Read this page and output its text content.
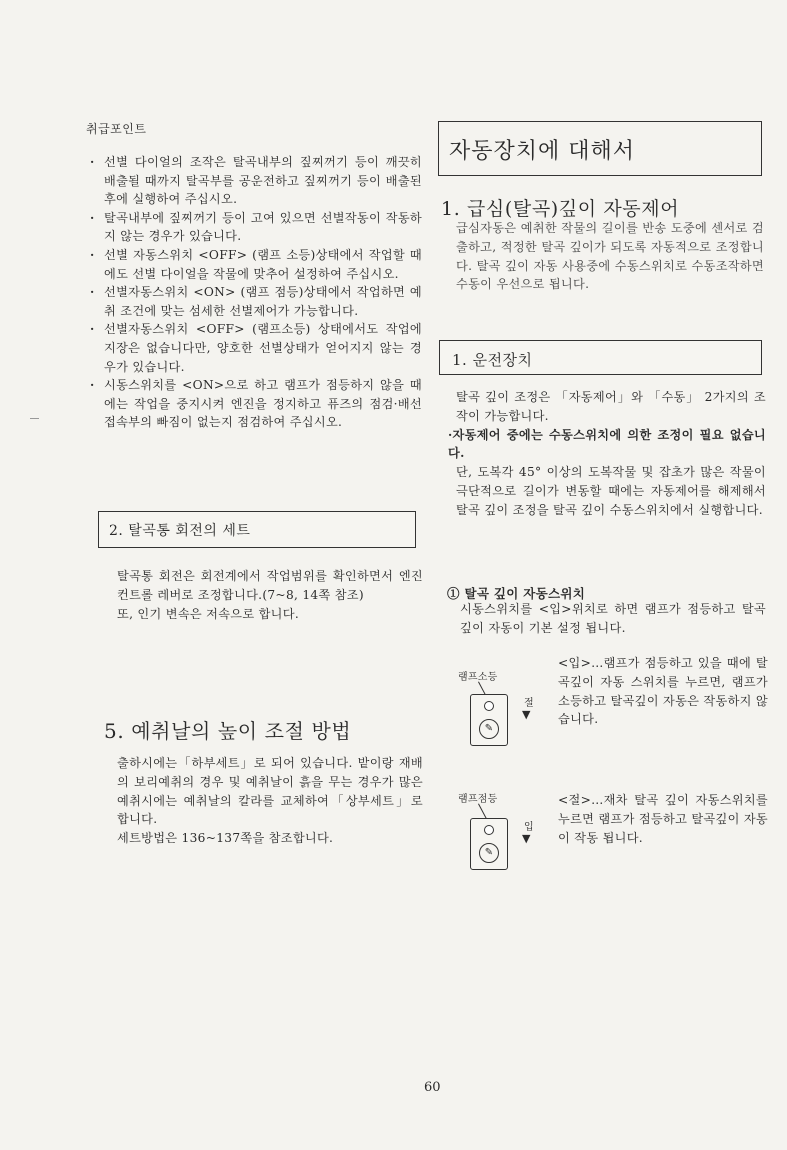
취급포인트
· 선별 다이얼의 조작은 탈곡내부의 짚찌꺼기 등이 깨끗히 배출될 때까지 탈곡부를 공운전하고 짚찌꺼기 등이 배출된 후에 실행하여 주십시오.
· 탈곡내부에 짚찌꺼기 등이 고여 있으면 선별작동이 작동하지 않는 경우가 있습니다.
· 선별 자동스위치 <OFF> (램프 소등)상태에서 작업할 때에도 선별 다이얼을 작물에 맞추어 설정하여 주십시오.
· 선별자동스위치 <ON> (램프 점등)상태에서 작업하면 예취 조건에 맞는 섬세한 선별제어가 가능합니다.
· 선별자동스위치 <OFF> (램프소등) 상태에서도 작업에 지장은 없습니다만, 양호한 선별상태가 얻어지지 않는 경우가 있습니다.
· 시동스위치를 <ON>으로 하고 램프가 점등하지 않을 때에는 작업을 중지시켜 엔진을 정지하고 퓨즈의 점검·배선 접속부의 빠짐이 없는지 점검하여 주십시오.
2. 탈곡통 회전의 세트

탈곡통 회전은 회전계에서 작업범위를 확인하면서 엔진컨트롤 레버로 조정합니다.(7~8, 14쪽 참조)

또, 인기 변속은 저속으로 합니다.

5. 예취날의 높이 조절 방법

출하시에는「하부세트」로 되어 있습니다. 밭이랑 재배의 보리예취의 경우 및 예취날이 흙을 무는 경우가 많은 예취시에는 예취날의 칼라를 교체하여「상부세트」로 합니다.

세트방법은 136~137쪽을 참조합니다.

자동장치에 대해서
1. 급심(탈곡)깊이 자동제어

급심자동은 예취한 작물의 길이를 반송 도중에 센서로 검출하고, 적정한 탈곡 깊이가 되도록 자동적으로 조정합니다. 탈곡 깊이 자동 사용중에 수동스위치로 수동조작하면 수동이 우선으로 됩니다.

1. 운전장치

탈곡 깊이 조정은 「자동제어」와 「수동」 2가지의 조작이 가능합니다.

·자동제어 중에는 수동스위치에 의한 조정이 필요 없습니다.

단, 도복각 45° 이상의 도복작물 및 잡초가 많은 작물이 극단적으로 길이가 변동할 때에는 자동제어를 해제해서 탈곡 깊이 조정을 탈곡 깊이 수동스위치에서 실행합니다.

① 탈곡 깊이 자동스위치

시동스위치를 <입>위치로 하면 램프가 점등하고 탈곡 깊이 자동이 기본 설정 됩니다.

램프소등
✎
절
▼
<입>…램프가 점등하고 있을 때에 탈곡깊이 자동 스위치를 누르면, 램프가 소등하고 탈곡깊이 자동은 작동하지 않습니다.
램프점등
✎
입
▼
<절>…재차 탈곡 깊이 자동스위치를 누르면 램프가 점등하고 탈곡깊이 자동이 작동 됩니다.
60
